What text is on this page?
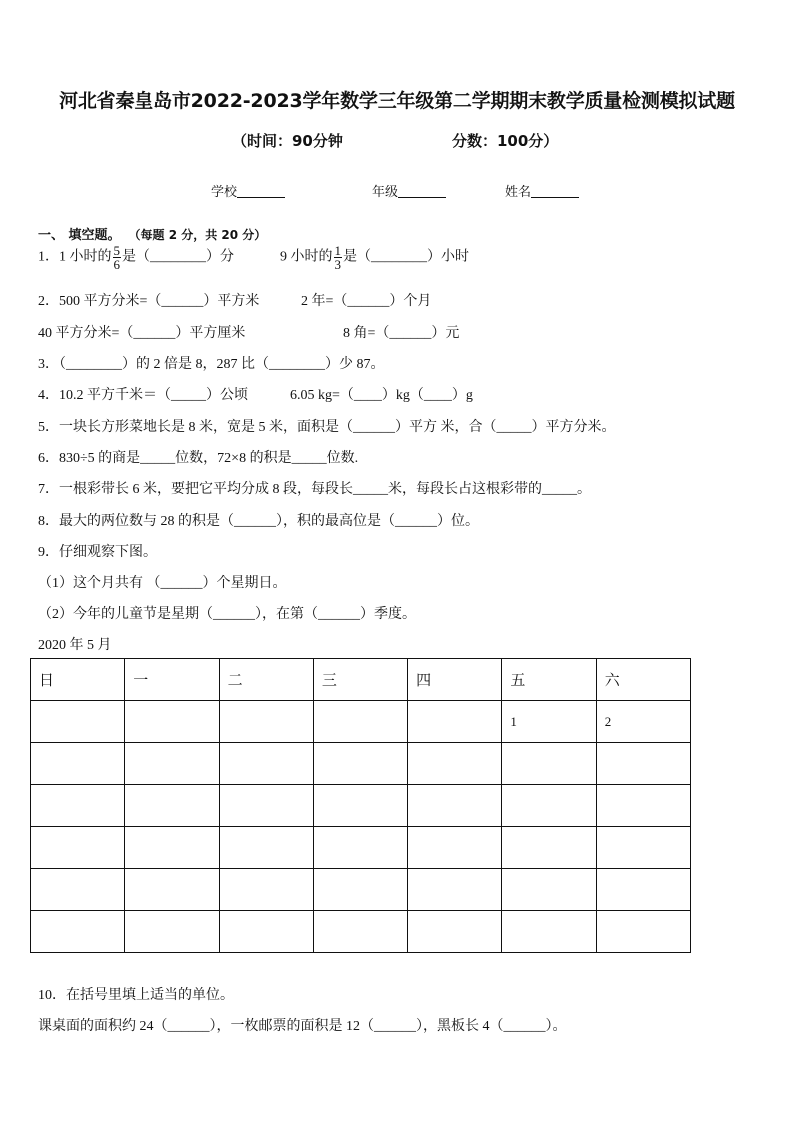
河北省秦皇岛市2022-2023学年数学三年级第二学期期末教学质量检测模拟试题
（时间：90分钟	分数：100分）
学校	年级	姓名
一、 填空题。 （每题 2 分，共 20 分）
1．1 小时的 $\frac{5}{6}$ 是（________）分	9 小时的 $\frac{1}{3}$ 是（________）小时
2．500 平方分米=（______）平方米	2 年=（______）个月
40 平方分米=（______）平方厘米	8 角=（______）元
3．（________）的 2 倍是 8，287 比（________）少 87。
4．10.2 平方千米＝（_____）公顷	6.05 kg=（____）kg（____）g
5．一块长方形菜地长是 8 米，宽是 5 米，面积是（______）平方 米，合（_____）平方分米。
6．830÷5 的商是_____位数，72×8 的积是_____位数.
7．一根彩带长 6 米，要把它平均分成 8 段，每段长_____米，每段长占这根彩带的_____。
8．最大的两位数与 28 的积是（______），积的最高位是（______）位。
9．仔细观察下图。
（1）这个月共有 （______）个星期日。
（2）今年的儿童节是星期（______），在第（______）季度。
2020 年 5 月
日	一	二	三	四	五	六
					1	2

10．在括号里填上适当的单位。
课桌面的面积约 24（______），一枚邮票的面积是 12（______），黑板长 4（______）。
